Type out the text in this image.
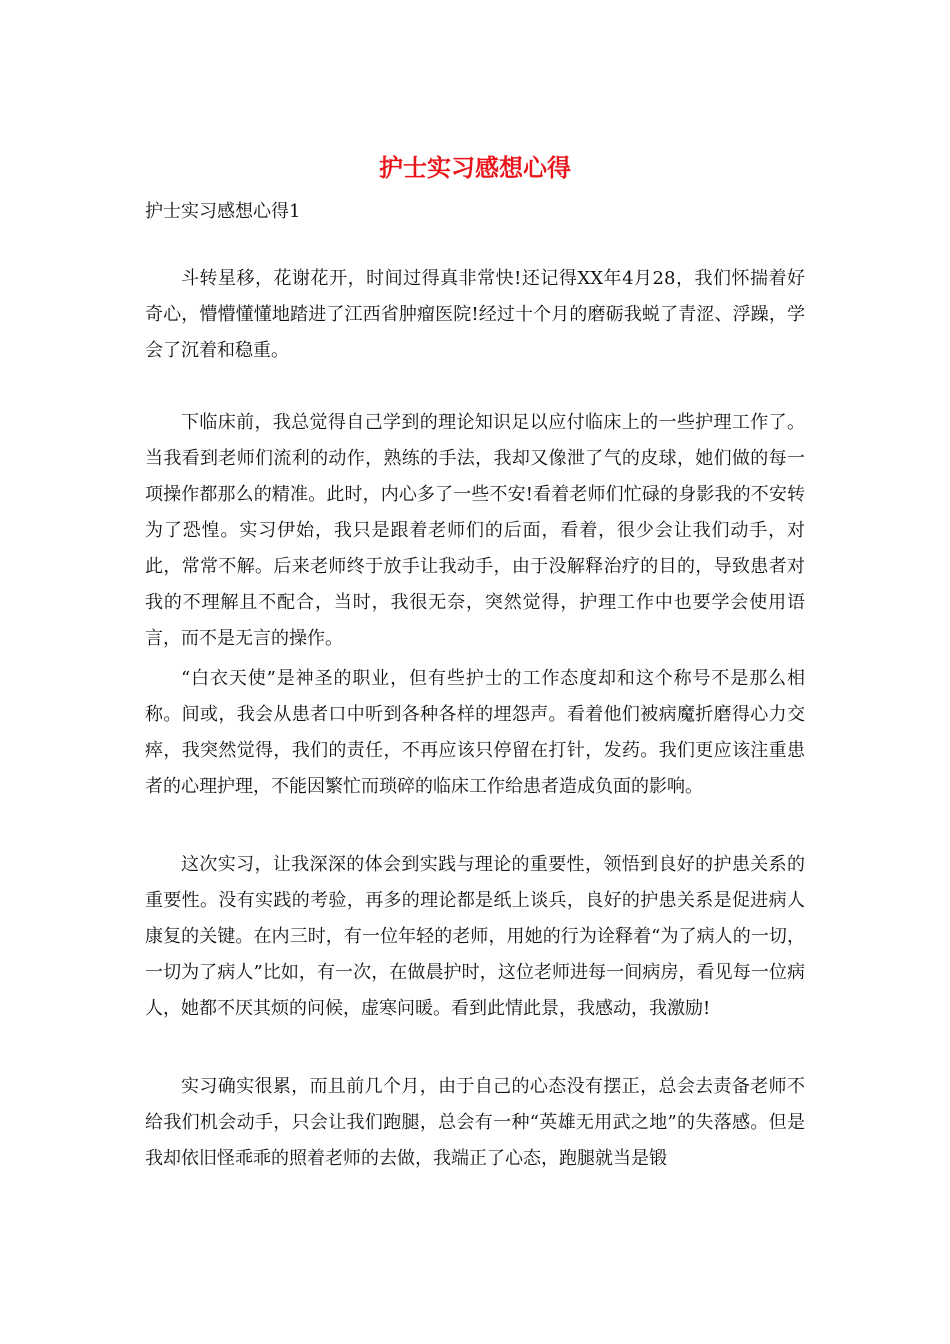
护士实习感想心得

护士实习感想心得1

斗转星移，花谢花开，时间过得真非常快!还记得XX年4月28，我们怀揣着好奇心，懵懵懂懂地踏进了江西省肿瘤医院!经过十个月的磨砺我蜕了青涩、浮躁，学会了沉着和稳重。

下临床前，我总觉得自己学到的理论知识足以应付临床上的一些护理工作了。当我看到老师们流利的动作，熟练的手法，我却又像泄了气的皮球，她们做的每一项操作都那么的精准。此时，内心多了一些不安!看着老师们忙碌的身影我的不安转为了恐惶。实习伊始，我只是跟着老师们的后面，看着，很少会让我们动手，对此，常常不解。后来老师终于放手让我动手，由于没解释治疗的目的，导致患者对我的不理解且不配合，当时，我很无奈，突然觉得，护理工作中也要学会使用语言，而不是无言的操作。

“白衣天使”是神圣的职业，但有些护士的工作态度却和这个称号不是那么相称。间或，我会从患者口中听到各种各样的埋怨声。看着他们被病魔折磨得心力交瘁，我突然觉得，我们的责任，不再应该只停留在打针，发药。我们更应该注重患者的心理护理，不能因繁忙而琐碎的临床工作给患者造成负面的影响。

这次实习，让我深深的体会到实践与理论的重要性，领悟到良好的护患关系的重要性。没有实践的考验，再多的理论都是纸上谈兵，良好的护患关系是促进病人康复的关键。在内三时，有一位年轻的老师，用她的行为诠释着“为了病人的一切，一切为了病人”比如，有一次，在做晨护时，这位老师进每一间病房，看见每一位病人，她都不厌其烦的问候，虚寒问暖。看到此情此景，我感动，我激励!

实习确实很累，而且前几个月，由于自己的心态没有摆正，总会去责备老师不给我们机会动手，只会让我们跑腿，总会有一种“英雄无用武之地”的失落感。但是我却依旧怪乖乖的照着老师的去做，我端正了心态，跑腿就当是锻
